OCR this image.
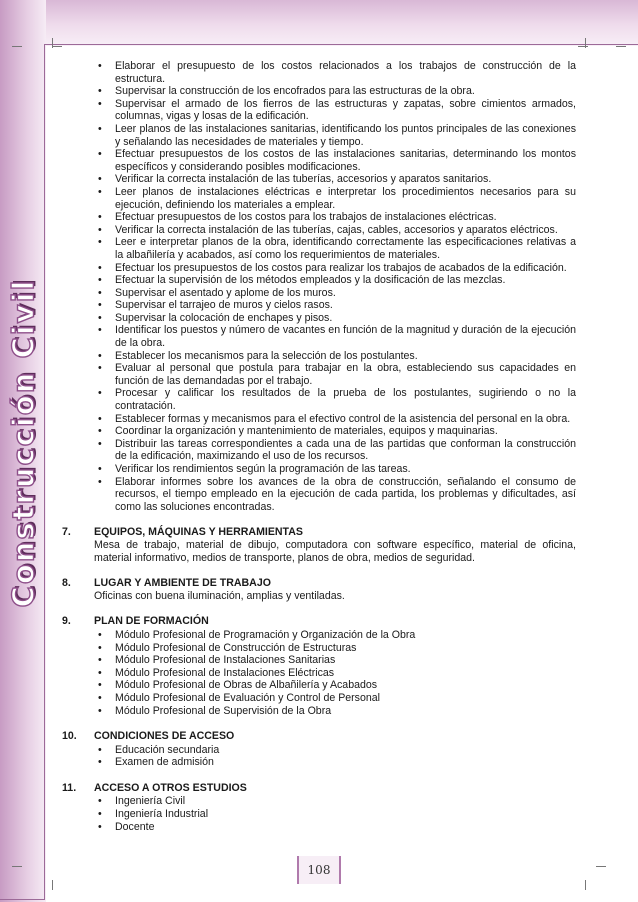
Construcción Civil
• Elaborar el presupuesto de los costos relacionados a los trabajos de construcción de la estructura.
• Supervisar la construcción de los encofrados para las estructuras de la obra.
• Supervisar el armado de los fierros de las estructuras y zapatas, sobre cimientos armados, columnas, vigas y losas de la edificación.
• Leer planos de las instalaciones sanitarias, identificando los puntos principales de las conexiones y señalando las necesidades de materiales y tiempo.
• Efectuar presupuestos de los costos de las instalaciones sanitarias, determinando los montos específicos y considerando posibles modificaciones.
• Verificar la correcta instalación de las tuberías, accesorios y aparatos sanitarios.
• Leer planos de instalaciones eléctricas e interpretar los procedimientos necesarios para su ejecución, definiendo los materiales a emplear.
• Efectuar presupuestos de los costos para los trabajos de instalaciones eléctricas.
• Verificar la correcta instalación de las tuberías, cajas, cables, accesorios y aparatos eléctricos.
• Leer e interpretar planos de la obra, identificando correctamente las especificaciones relativas a la albañilería y acabados, así como los requerimientos de materiales.
• Efectuar los presupuestos de los costos para realizar los trabajos de acabados de la edificación.
• Efectuar la supervisión de los métodos empleados y la dosificación de las mezclas.
• Supervisar el asentado y aplome de los muros.
• Supervisar el tarrajeo de muros y cielos rasos.
• Supervisar la colocación de enchapes y pisos.
• Identificar los puestos y número de vacantes en función de la magnitud y duración de la ejecución de la obra.
• Establecer los mecanismos para la selección de los postulantes.
• Evaluar al personal que postula para trabajar en la obra, estableciendo sus capacidades en función de las demandadas por el trabajo.
• Procesar y calificar los resultados de la prueba de los postulantes, sugiriendo o no la contratación.
• Establecer formas y mecanismos para el efectivo control de la asistencia del personal en la obra.
• Coordinar la organización y mantenimiento de materiales, equipos y maquinarias.
• Distribuir las tareas correspondientes a cada una de las partidas que conforman la construcción de la edificación, maximizando el uso de los recursos.
• Verificar los rendimientos según la programación de las tareas.
• Elaborar informes sobre los avances de la obra de construcción, señalando el consumo de recursos, el tiempo empleado en la ejecución de cada partida, los problemas y dificultades, así como las soluciones encontradas.
7.	EQUIPOS, MÁQUINAS Y HERRAMIENTAS
Mesa de trabajo, material de dibujo, computadora con software específico, material de oficina, material informativo, medios de transporte, planos de obra, medios de seguridad.
8.	LUGAR Y AMBIENTE DE TRABAJO
Oficinas con buena iluminación, amplias y ventiladas.
9.	PLAN DE FORMACIÓN
• Módulo Profesional de Programación y Organización de la Obra
• Módulo Profesional de Construcción de Estructuras
• Módulo Profesional de Instalaciones Sanitarias
• Módulo Profesional de Instalaciones Eléctricas
• Módulo Profesional de Obras de Albañilería y Acabados
• Módulo Profesional de Evaluación y Control de Personal
• Módulo Profesional de Supervisión de la Obra
10.	CONDICIONES DE ACCESO
• Educación secundaria
• Examen de admisión
11.	ACCESO A OTROS ESTUDIOS
• Ingeniería Civil
• Ingeniería Industrial
• Docente
108
